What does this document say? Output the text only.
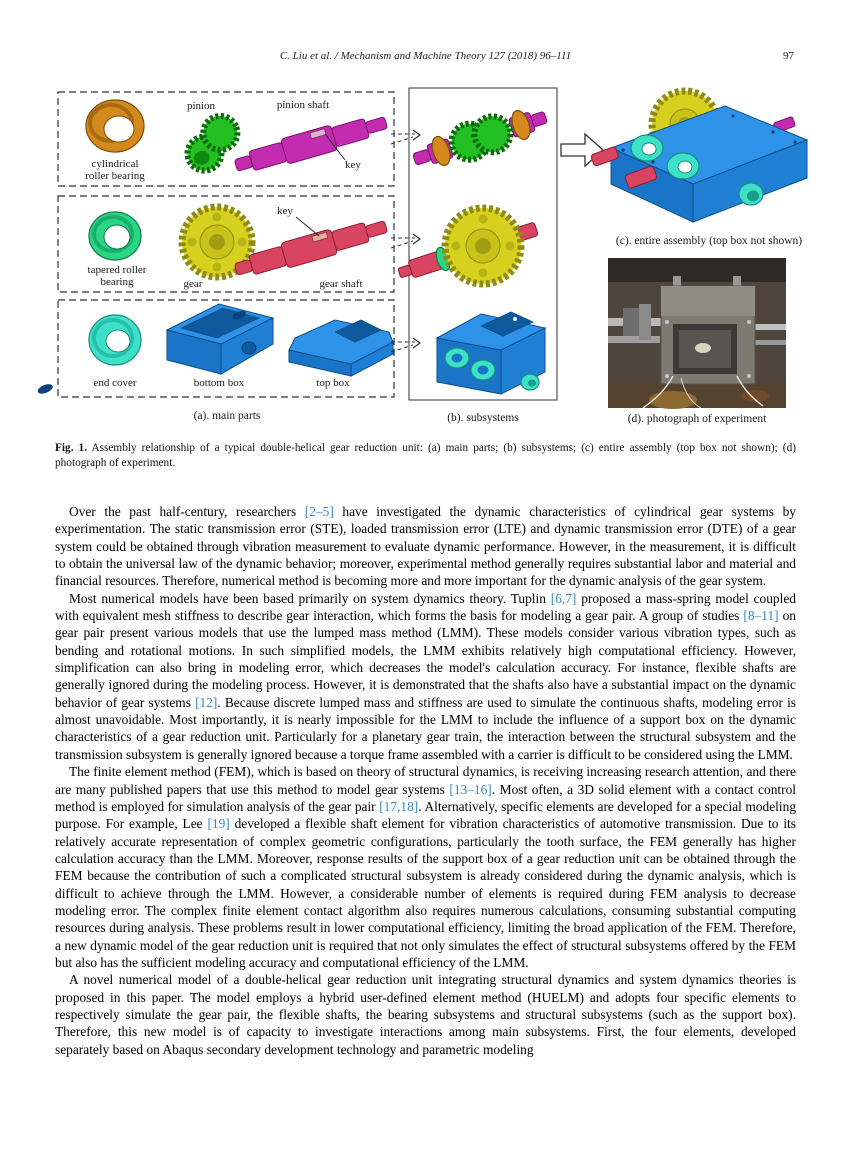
C. Liu et al. / Mechanism and Machine Theory 127 (2018) 96–111	97
cylindrical
roller bearing
pinion	pinion shaft
key
tapered roller
bearing	gear
key
gear shaft
end cover	bottom box	top box
(a). main parts	(b). subsystems
(c). entire assembly (top box not shown)
(d). photograph of experiment
Fig. 1. Assembly relationship of a typical double-helical gear reduction unit: (a) main parts; (b) subsystems; (c) entire assembly (top box not shown); (d) photograph of experiment.

Over the past half-century, researchers [2–5] have investigated the dynamic characteristics of cylindrical gear systems by experimentation. The static transmission error (STE), loaded transmission error (LTE) and dynamic transmission error (DTE) of a gear system could be obtained through vibration measurement to evaluate dynamic performance. However, in the measurement, it is difficult to obtain the universal law of the dynamic behavior; moreover, experimental method generally requires substantial labor and material and financial resources. Therefore, numerical method is becoming more and more important for the dynamic analysis of the gear system.

Most numerical models have been based primarily on system dynamics theory. Tuplin [6,7] proposed a mass-spring model coupled with equivalent mesh stiffness to describe gear interaction, which forms the basis for modeling a gear pair. A group of studies [8–11] on gear pair present various models that use the lumped mass method (LMM). These models consider various vibration types, such as bending and rotational motions. In such simplified models, the LMM exhibits relatively high computational efficiency. However, simplification can also bring in modeling error, which decreases the model's calculation accuracy. For instance, flexible shafts are generally ignored during the modeling process. However, it is demonstrated that the shafts also have a substantial impact on the dynamic behavior of gear systems [12]. Because discrete lumped mass and stiffness are used to simulate the continuous shafts, modeling error is almost unavoidable. Most importantly, it is nearly impossible for the LMM to include the influence of a support box on the dynamic characteristics of a gear reduction unit. Particularly for a planetary gear train, the interaction between the structural subsystem and the transmission subsystem is generally ignored because a torque frame assembled with a carrier is difficult to be considered using the LMM.

The finite element method (FEM), which is based on theory of structural dynamics, is receiving increasing research attention, and there are many published papers that use this method to model gear systems [13–16]. Most often, a 3D solid element with a contact control method is employed for simulation analysis of the gear pair [17,18]. Alternatively, specific elements are developed for a special modeling purpose. For example, Lee [19] developed a flexible shaft element for vibration characteristics of automotive transmission. Due to its relatively accurate representation of complex geometric configurations, particularly the tooth surface, the FEM generally has higher calculation accuracy than the LMM. Moreover, response results of the support box of a gear reduction unit can be obtained through the FEM because the contribution of such a complicated structural subsystem is already considered during the dynamic analysis, which is difficult to achieve through the LMM. However, a considerable number of elements is required during FEM analysis to decrease modeling error. The complex finite element contact algorithm also requires numerous calculations, consuming substantial computing resources during analysis. These problems result in lower computational efficiency, limiting the broad application of the FEM. Therefore, a new dynamic model of the gear reduction unit is required that not only simulates the effect of structural subsystems offered by the FEM but also has the sufficient modeling accuracy and computational efficiency of the LMM.

A novel numerical model of a double-helical gear reduction unit integrating structural dynamics and system dynamics theories is proposed in this paper. The model employs a hybrid user-defined element method (HUELM) and adopts four specific elements to respectively simulate the gear pair, the flexible shafts, the bearing subsystems and structural subsystems (such as the support box). Therefore, this new model is of capacity to investigate interactions among main subsystems. First, the four elements, developed separately based on Abaqus secondary development technology and parametric modeling
